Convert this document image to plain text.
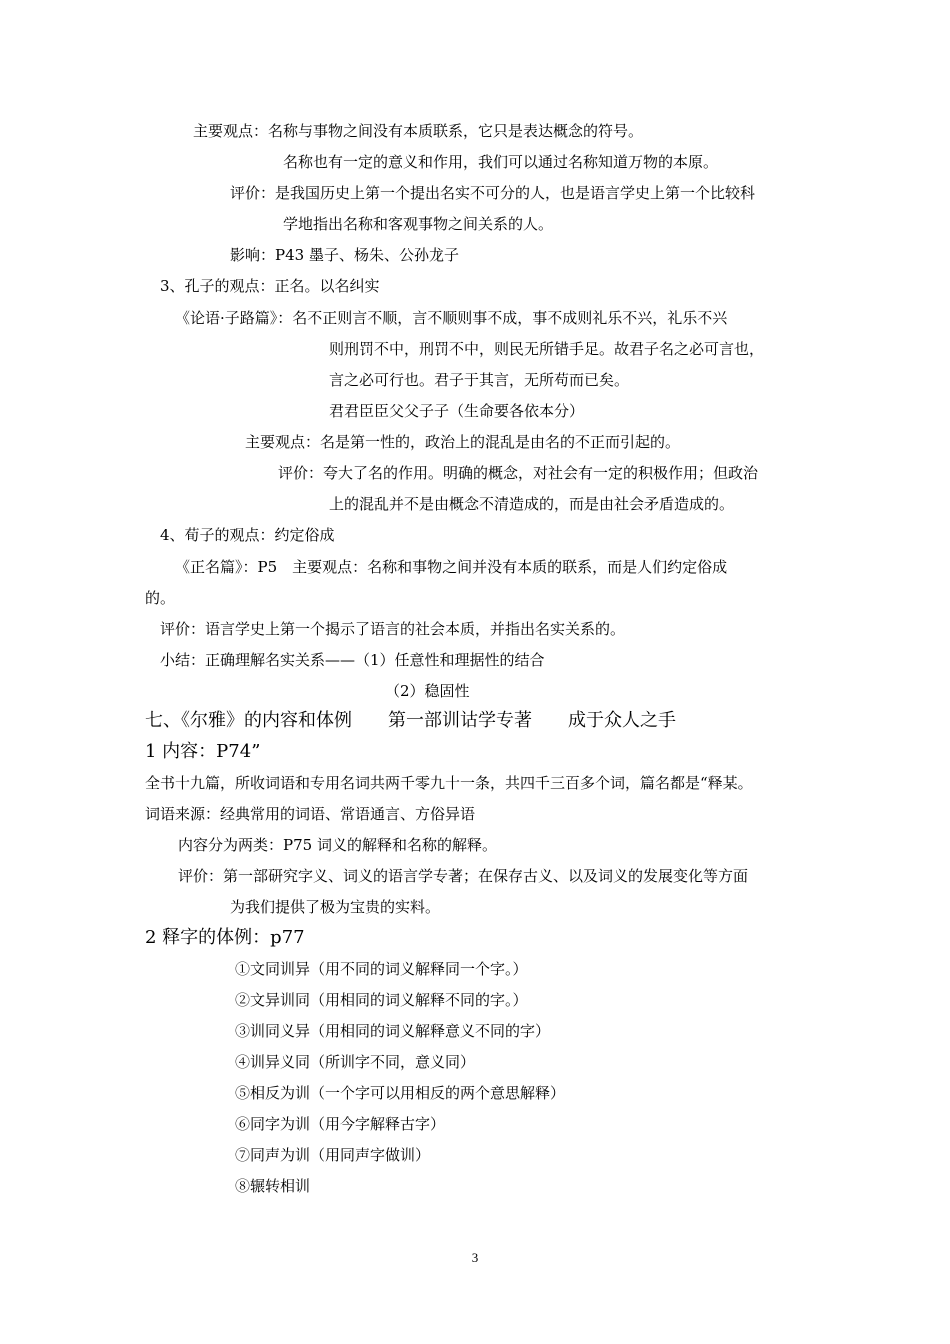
主要观点：名称与事物之间没有本质联系，它只是表达概念的符号。
名称也有一定的意义和作用，我们可以通过名称知道万物的本原。
评价：是我国历史上第一个提出名实不可分的人，也是语言学史上第一个比较科
学地指出名称和客观事物之间关系的人。
影响：P43 墨子、杨朱、公孙龙子
3、孔子的观点：正名。以名纠实
《论语·子路篇》：名不正则言不顺，言不顺则事不成，事不成则礼乐不兴，礼乐不兴
则刑罚不中，刑罚不中，则民无所错手足。故君子名之必可言也，
言之必可行也。君子于其言，无所苟而已矣。
君君臣臣父父子子（生命要各依本分）
主要观点：名是第一性的，政治上的混乱是由名的不正而引起的。
评价：夸大了名的作用。明确的概念，对社会有一定的积极作用；但政治
上的混乱并不是由概念不清造成的，而是由社会矛盾造成的。
4、荀子的观点：约定俗成
《正名篇》：P5　主要观点：名称和事物之间并没有本质的联系，而是人们约定俗成
的。
评价：语言学史上第一个揭示了语言的社会本质，并指出名实关系的。
小结：正确理解名实关系——（1）任意性和理据性的结合
（2）稳固性
七、《尔雅》的内容和体例　　第一部训诂学专著　　成于众人之手
1 内容：P74”
全书十九篇，所收词语和专用名词共两千零九十一条，共四千三百多个词，篇名都是“释某。
词语来源：经典常用的词语、常语通言、方俗异语
内容分为两类：P75 词义的解释和名称的解释。
评价：第一部研究字义、词义的语言学专著；在保存古义、以及词义的发展变化等方面
为我们提供了极为宝贵的实料。
2 释字的体例：p77
①文同训异（用不同的词义解释同一个字。）
②文异训同（用相同的词义解释不同的字。）
③训同义异（用相同的词义解释意义不同的字）
④训异义同（所训字不同，意义同）
⑤相反为训（一个字可以用相反的两个意思解释）
⑥同字为训（用今字解释古字）
⑦同声为训（用同声字做训）
⑧辗转相训
3
